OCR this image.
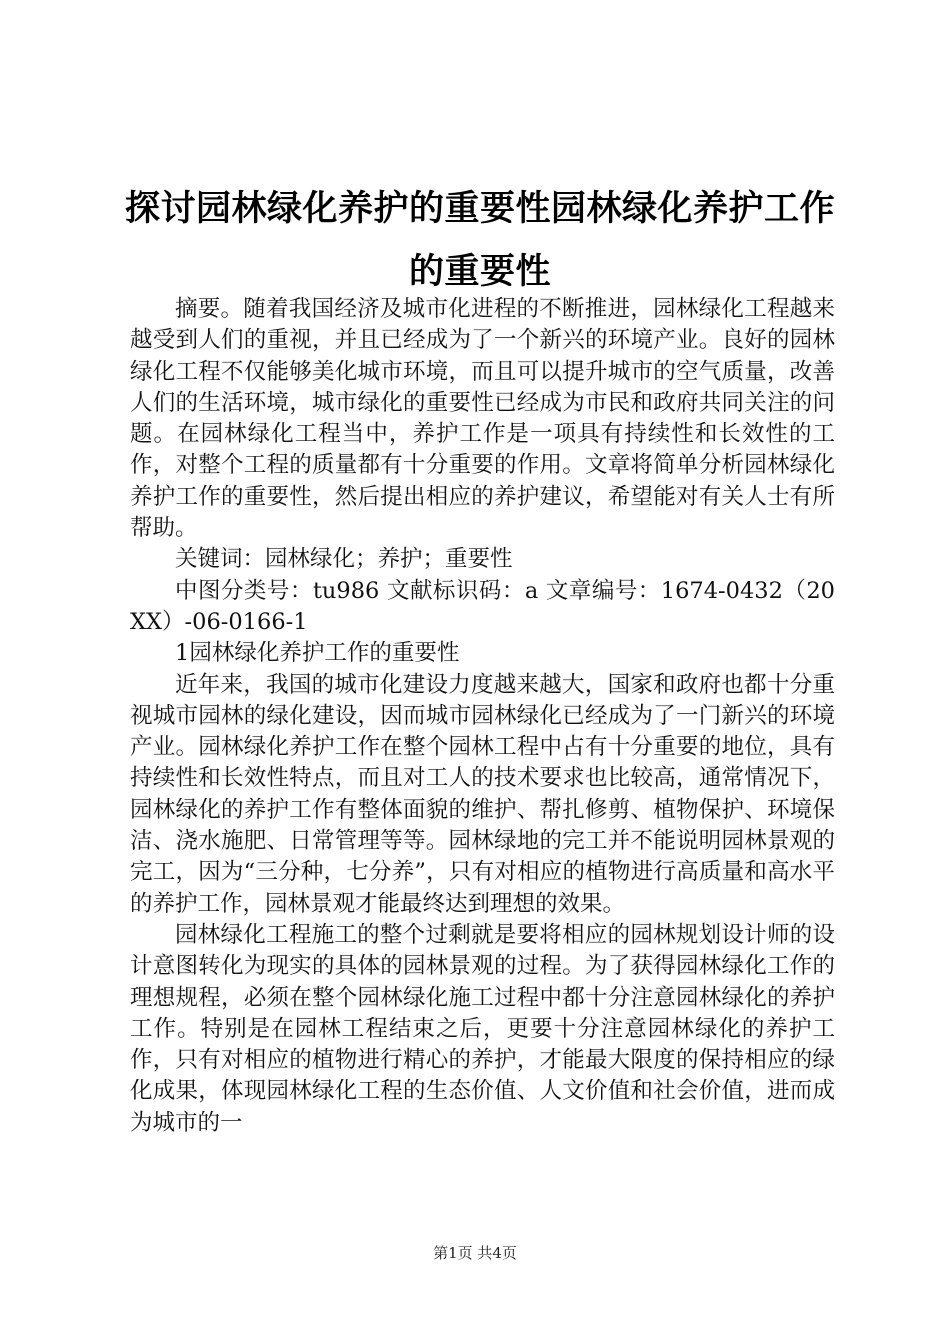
探讨园林绿化养护的重要性园林绿化养护工作的重要性

摘要。随着我国经济及城市化进程的不断推进，园林绿化工程越来越受到人们的重视，并且已经成为了一个新兴的环境产业。良好的园林绿化工程不仅能够美化城市环境，而且可以提升城市的空气质量，改善人们的生活环境，城市绿化的重要性已经成为市民和政府共同关注的问题。在园林绿化工程当中，养护工作是一项具有持续性和长效性的工作，对整个工程的质量都有十分重要的作用。文章将简单分析园林绿化养护工作的重要性，然后提出相应的养护建议，希望能对有关人士有所帮助。

关键词：园林绿化；养护；重要性

中图分类号：tu986 文献标识码：a 文章编号：1674-0432（20XX）-06-0166-1

1园林绿化养护工作的重要性

近年来，我国的城市化建设力度越来越大，国家和政府也都十分重视城市园林的绿化建设，因而城市园林绿化已经成为了一门新兴的环境产业。园林绿化养护工作在整个园林工程中占有十分重要的地位，具有持续性和长效性特点，而且对工人的技术要求也比较高，通常情况下，园林绿化的养护工作有整体面貌的维护、帮扎修剪、植物保护、环境保洁、浇水施肥、日常管理等等。园林绿地的完工并不能说明园林景观的完工，因为“三分种，七分养”，只有对相应的植物进行高质量和高水平的养护工作，园林景观才能最终达到理想的效果。

园林绿化工程施工的整个过剩就是要将相应的园林规划设计师的设计意图转化为现实的具体的园林景观的过程。为了获得园林绿化工作的理想规程，必须在整个园林绿化施工过程中都十分注意园林绿化的养护工作。特别是在园林工程结束之后，更要十分注意园林绿化的养护工作，只有对相应的植物进行精心的养护，才能最大限度的保持相应的绿化成果，体现园林绿化工程的生态价值、人文价值和社会价值，进而成为城市的一

第1页 共4页
